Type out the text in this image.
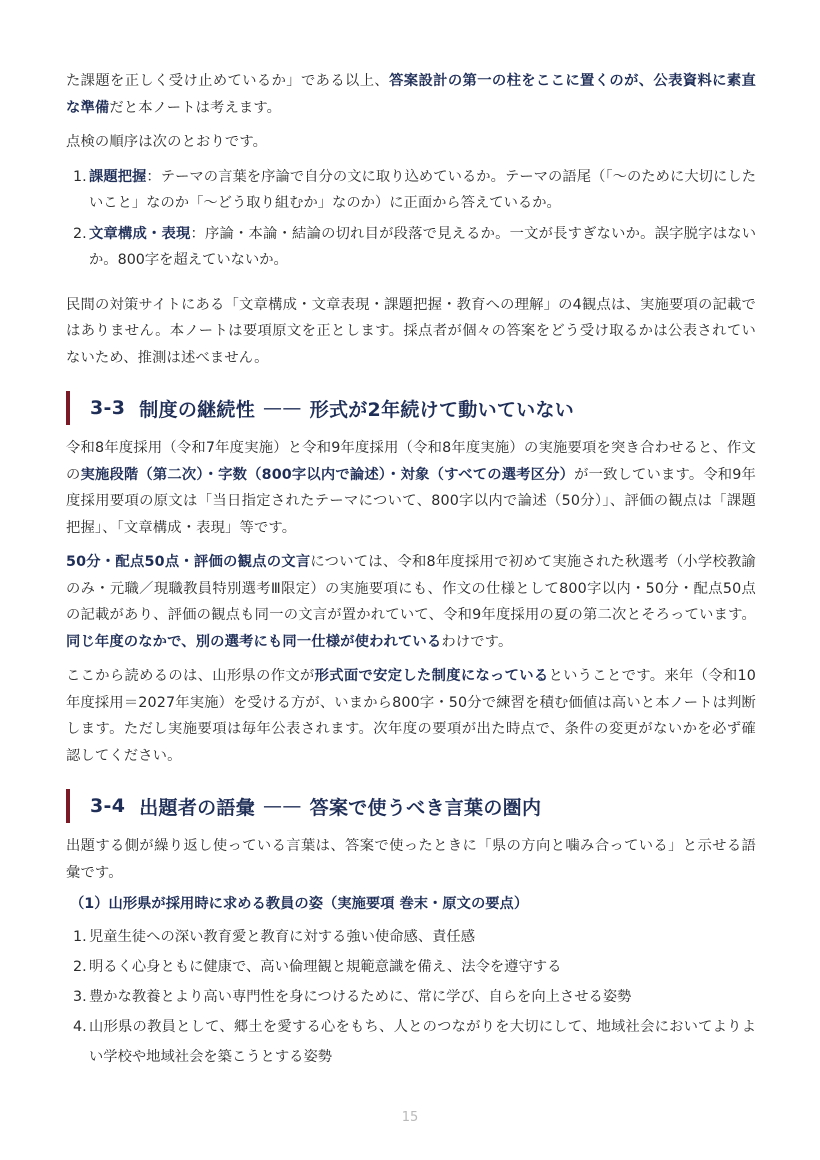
た課題を正しく受け止めているか」である以上、答案設計の第一の柱をここに置くのが、公表資料に素直な準備だと本ノートは考えます。

点検の順序は次のとおりです。

1. 課題把握：テーマの言葉を序論で自分の文に取り込めているか。テーマの語尾（「〜のために大切にしたいこと」なのか「〜どう取り組むか」なのか）に正面から答えているか。
2. 文章構成・表現：序論・本論・結論の切れ目が段落で見えるか。一文が長すぎないか。誤字脱字はないか。800字を超えていないか。

民間の対策サイトにある「文章構成・文章表現・課題把握・教育への理解」の4観点は、実施要項の記載ではありません。本ノートは要項原文を正とします。採点者が個々の答案をどう受け取るかは公表されていないため、推測は述べません。

3-3 制度の継続性 —— 形式が2年続けて動いていない

令和8年度採用（令和7年度実施）と令和9年度採用（令和8年度実施）の実施要項を突き合わせると、作文の実施段階（第二次）・字数（800字以内で論述）・対象（すべての選考区分）が一致しています。令和9年度採用要項の原文は「当日指定されたテーマについて、800字以内で論述（50分）」、評価の観点は「課題把握」、「文章構成・表現」等です。

50分・配点50点・評価の観点の文言については、令和8年度採用で初めて実施された秋選考（小学校教諭のみ・元職／現職教員特別選考Ⅲ限定）の実施要項にも、作文の仕様として800字以内・50分・配点50点の記載があり、評価の観点も同一の文言が置かれていて、令和9年度採用の夏の第二次とそろっています。同じ年度のなかで、別の選考にも同一仕様が使われているわけです。

ここから読めるのは、山形県の作文が形式面で安定した制度になっているということです。来年（令和10年度採用＝2027年実施）を受ける方が、いまから800字・50分で練習を積む価値は高いと本ノートは判断します。ただし実施要項は毎年公表されます。次年度の要項が出た時点で、条件の変更がないかを必ず確認してください。

3-4 出題者の語彙 —— 答案で使うべき言葉の圏内

出題する側が繰り返し使っている言葉は、答案で使ったときに「県の方向と噛み合っている」と示せる語彙です。

（1）山形県が採用時に求める教員の姿（実施要項 巻末・原文の要点）
1. 児童生徒への深い教育愛と教育に対する強い使命感、責任感
2. 明るく心身ともに健康で、高い倫理観と規範意識を備え、法令を遵守する
3. 豊かな教養とより高い専門性を身につけるために、常に学び、自らを向上させる姿勢
4. 山形県の教員として、郷土を愛する心をもち、人とのつながりを大切にして、地域社会においてよりよい学校や地域社会を築こうとする姿勢
15
